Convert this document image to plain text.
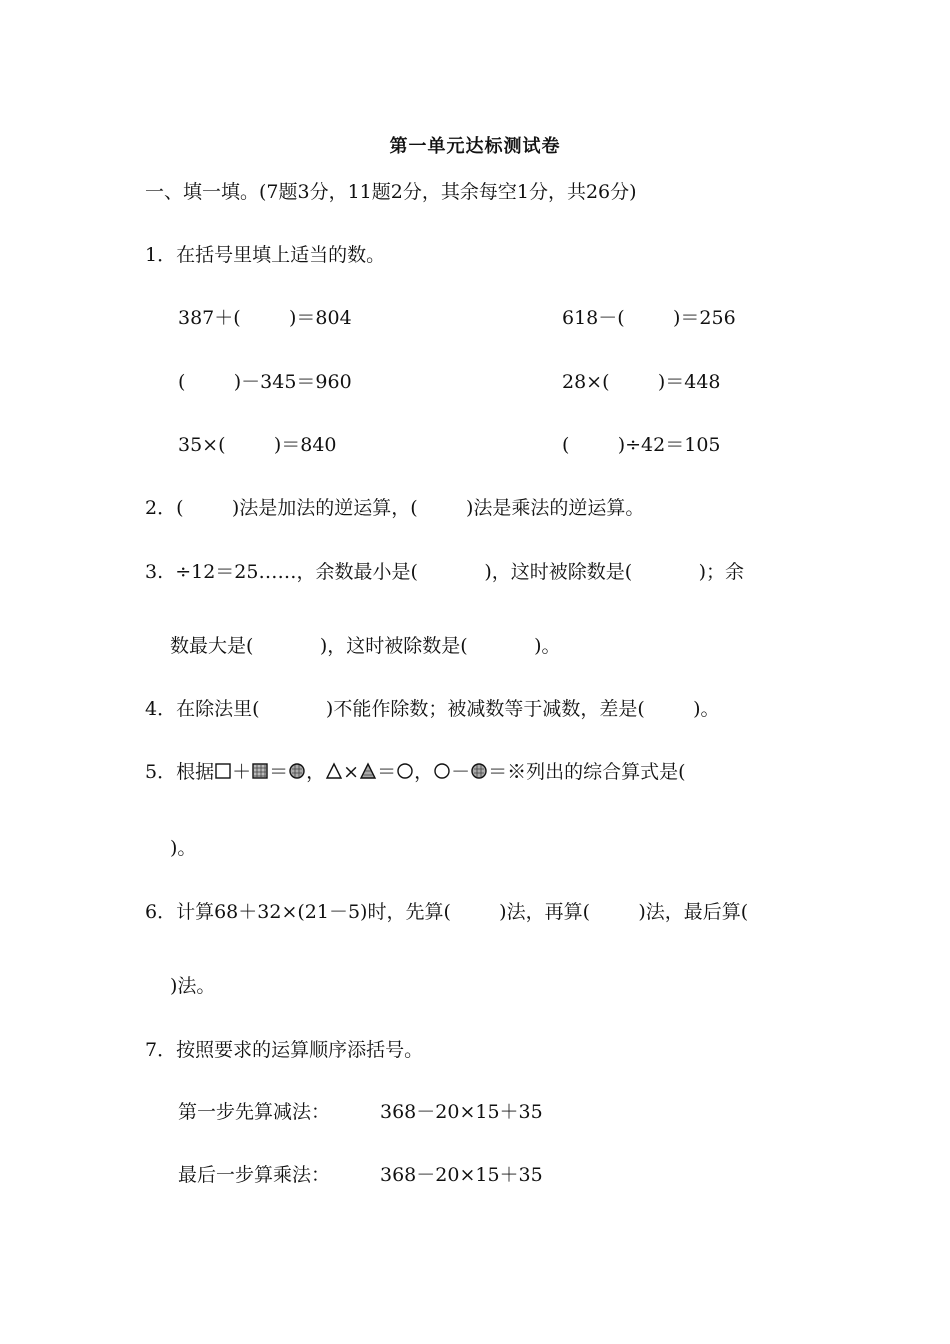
第一单元达标测试卷
一、填一填。(7题3分，11题2分，其余每空1分，共26分)
1．在括号里填上适当的数。
387＋(        )＝804	618－(        )＝256
(        )－345＝960	28×(        )＝448
35×(        )＝840	(        )÷42＝105
2．(        )法是加法的逆运算，(        )法是乘法的逆运算。
3.  ÷12＝25……，余数最小是(           )，这时被除数是(           )；余
数最大是(           )，这时被除数是(           )。
4．在除法里(           )不能作除数；被减数等于减数，差是(        )。
5．根据 ＋ ＝ ， × ＝ ， － ＝※列出的综合算式是(
)。
6．计算68＋32×(21－5)时，先算(        )法，再算(        )法，最后算(
)法。
7．按照要求的运算顺序添括号。
第一步先算减法：	368－20×15＋35
最后一步算乘法：	368－20×15＋35
